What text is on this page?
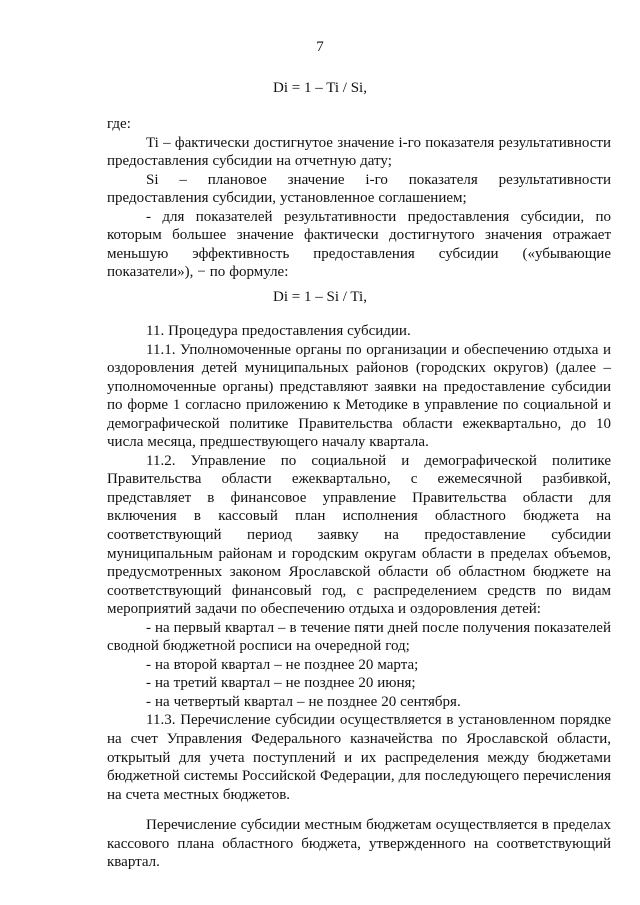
7
Di = 1 – Ti / Si,

где:

Ti – фактически достигнутое значение i-го показателя результативности предоставления субсидии на отчетную дату;

Si – плановое значение i-го показателя результативности предоставления субсидии, установленное соглашением;

- для показателей результативности предоставления субсидии, по которым большее значение фактически достигнутого значения отражает меньшую эффективность предоставления субсидии («убывающие показатели»), − по формуле:

Di = 1 – Si / Ti,

11. Процедура предоставления субсидии.

11.1. Уполномоченные органы по организации и обеспечению отдыха и оздоровления детей муниципальных районов (городских округов) (далее – уполномоченные органы) представляют заявки на предоставление субсидии по форме 1 согласно приложению к Методике в управление по социальной и демографической политике Правительства области ежеквартально, до 10 числа месяца, предшествующего началу квартала.

11.2. Управление по социальной и демографической политике Правительства области ежеквартально, с ежемесячной разбивкой, представляет в финансовое управление Правительства области для включения в кассовый план исполнения областного бюджета на соответствующий период заявку на предоставление субсидии муниципальным районам и городским округам области в пределах объемов, предусмотренных законом Ярославской области об областном бюджете на соответствующий финансовый год, с распределением средств по видам мероприятий задачи по обеспечению отдыха и оздоровления детей:

- на первый квартал – в течение пяти дней после получения показателей сводной бюджетной росписи на очередной год;

- на второй квартал – не позднее 20 марта;

- на третий квартал – не позднее 20 июня;

- на четвертый квартал – не позднее 20 сентября.

11.3. Перечисление субсидии осуществляется в установленном порядке на счет Управления Федерального казначейства по Ярославской области, открытый для учета поступлений и их распределения между бюджетами бюджетной системы Российской Федерации, для последующего перечисления на счета местных бюджетов.

Перечисление субсидии местным бюджетам осуществляется в пределах кассового плана областного бюджета, утвержденного на соответствующий квартал.
